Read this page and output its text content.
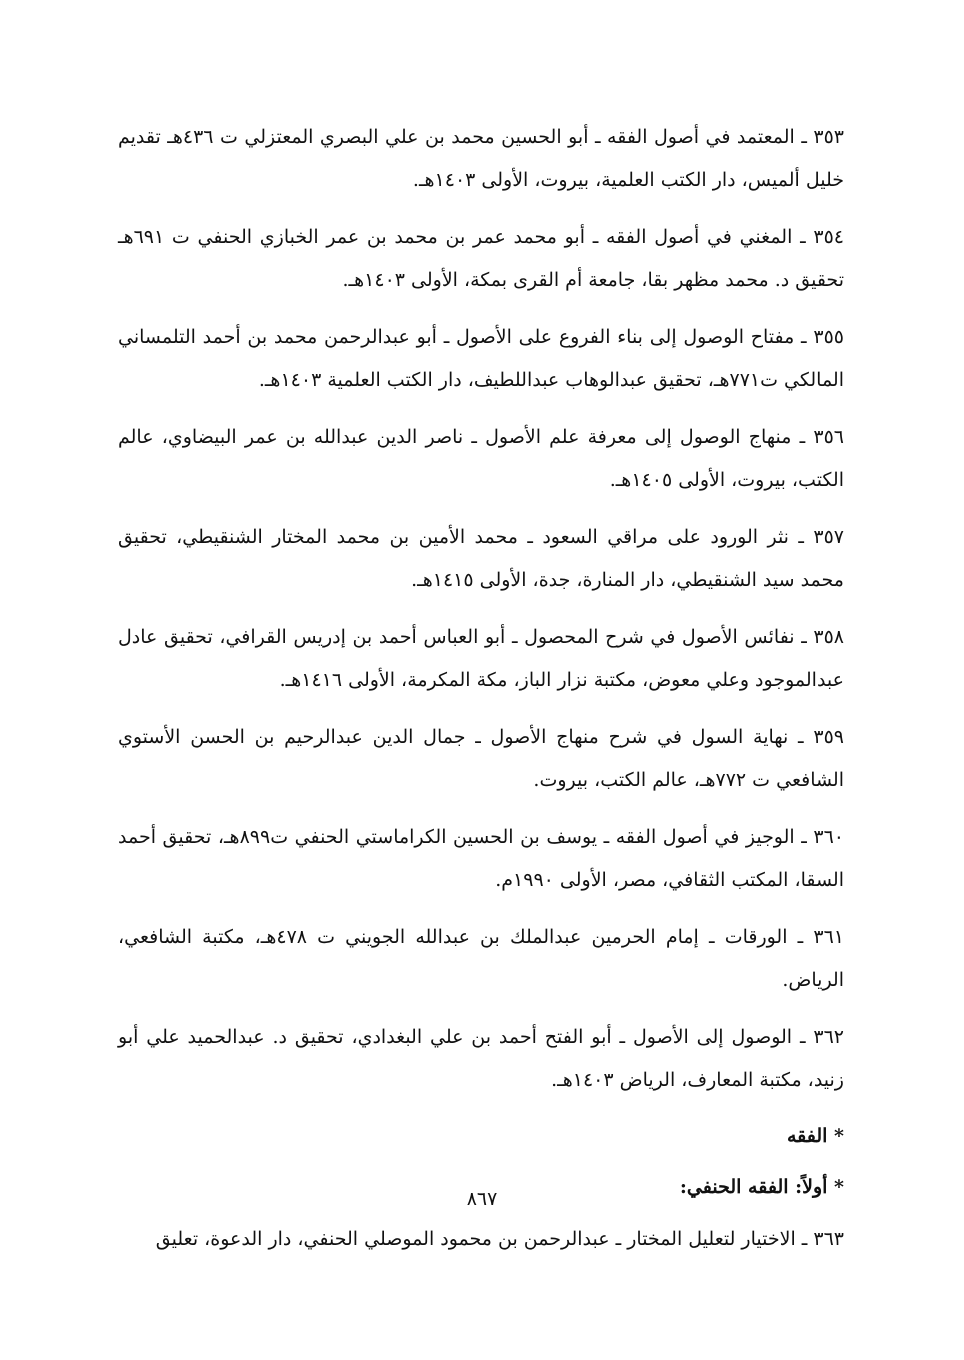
٣٥٣ ـ المعتمد في أصول الفقه ـ أبو الحسين محمد بن علي البصري المعتزلي ت ٤٣٦هـ تقديم خليل ألميس، دار الكتب العلمية، بيروت، الأولى ١٤٠٣هـ.

٣٥٤ ـ المغني في أصول الفقه ـ أبو محمد عمر بن محمد بن عمر الخبازي الحنفي ت ٦٩١هـ تحقيق د. محمد مظهر بقا، جامعة أم القرى بمكة، الأولى ١٤٠٣هـ.

٣٥٥ ـ مفتاح الوصول إلى بناء الفروع على الأصول ـ أبو عبدالرحمن محمد بن أحمد التلمساني المالكي ت٧٧١هـ، تحقيق عبدالوهاب عبداللطيف، دار الكتب العلمية ١٤٠٣هـ.

٣٥٦ ـ منهاج الوصول إلى معرفة علم الأصول ـ ناصر الدين عبدالله بن عمر البيضاوي، عالم الكتب، بيروت، الأولى ١٤٠٥هـ.

٣٥٧ ـ نثر الورود على مراقي السعود ـ محمد الأمين بن محمد المختار الشنقيطي، تحقيق محمد سيد الشنقيطي، دار المنارة، جدة، الأولى ١٤١٥هـ.

٣٥٨ ـ نفائس الأصول في شرح المحصول ـ أبو العباس أحمد بن إدريس القرافي، تحقيق عادل عبدالموجود وعلي معوض، مكتبة نزار الباز، مكة المكرمة، الأولى ١٤١٦هـ.

٣٥٩ ـ نهاية السول في شرح منهاج الأصول ـ جمال الدين عبدالرحيم بن الحسن الأستوي الشافعي ت ٧٧٢هـ، عالم الكتب، بيروت.

٣٦٠ ـ الوجيز في أصول الفقه ـ يوسف بن الحسين الكراماستي الحنفي ت٨٩٩هـ، تحقيق أحمد السقا، المكتب الثقافي، مصر، الأولى ١٩٩٠م.

٣٦١ ـ الورقات ـ إمام الحرمين عبدالملك بن عبدالله الجويني ت ٤٧٨هـ، مكتبة الشافعي، الرياض.

٣٦٢ ـ الوصول إلى الأصول ـ أبو الفتح أحمد بن علي البغدادي، تحقيق د. عبدالحميد علي أبو زنيد، مكتبة المعارف، الرياض ١٤٠٣هـ.

* الفقه

* أولاً: الفقه الحنفي:

٣٦٣ ـ الاختيار لتعليل المختار ـ عبدالرحمن بن محمود الموصلي الحنفي، دار الدعوة، تعليق

٨٦٧
